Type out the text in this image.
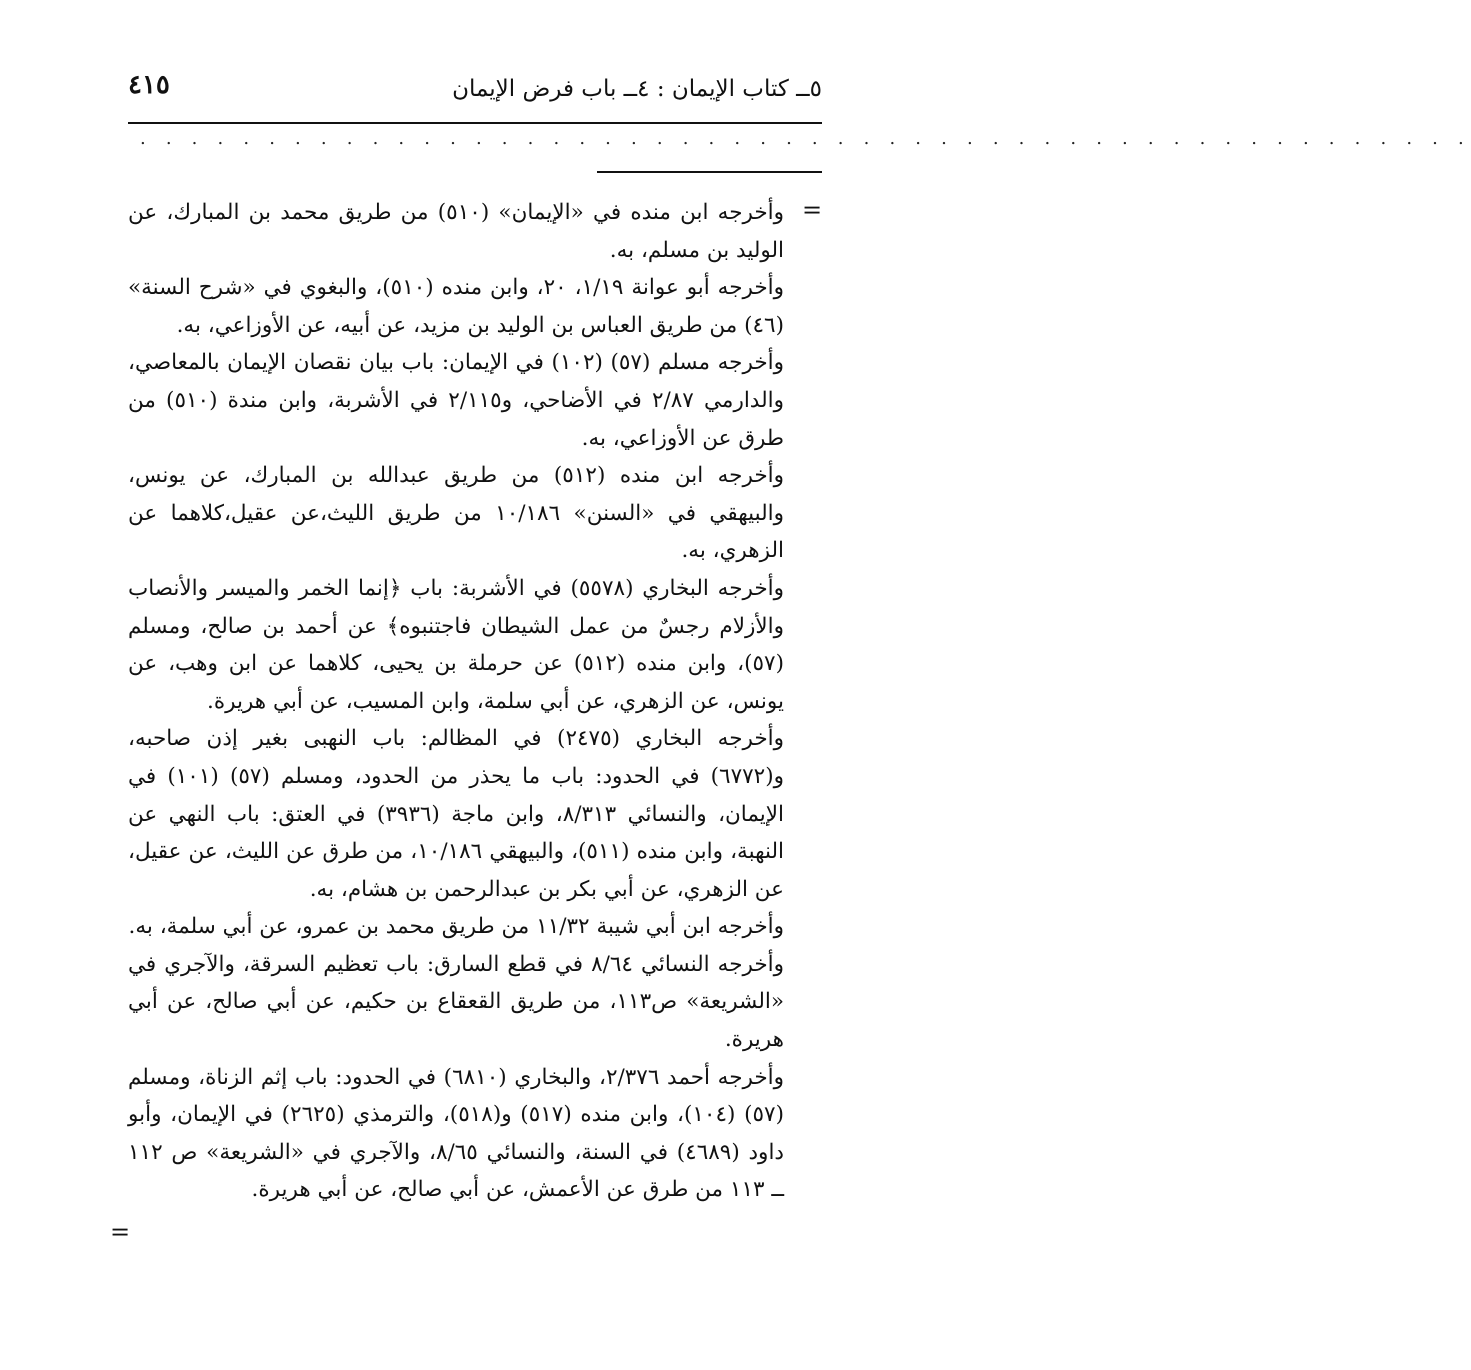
٥ــ كتاب الإيمان : ٤ــ باب فرض الإيمان
٤١٥
. . . . . . . . . . . . . . . . . . . . . . . . . . . . . . . . . . . . . . . . . . . . . . . . . . . .
=

وأخرجه ابن منده في «الإيمان» (٥١٠) من طريق محمد بن المبارك، عن الوليد بن مسلم، به.

وأخرجه أبو عوانة ١/١٩، ٢٠، وابن منده (٥١٠)، والبغوي في «شرح السنة» (٤٦) من طريق العباس بن الوليد بن مزيد، عن أبيه، عن الأوزاعي، به.

وأخرجه مسلم (٥٧) (١٠٢) في الإيمان: باب بيان نقصان الإيمان بالمعاصي، والدارمي ٢/٨٧ في الأضاحي، و٢/١١٥ في الأشربة، وابن مندة (٥١٠) من طرق عن الأوزاعي، به.

وأخرجه ابن منده (٥١٢) من طريق عبدالله بن المبارك، عن يونس، والبيهقي في «السنن» ١٠/١٨٦ من طريق الليث،عن عقيل،كلاهما عن الزهري، به.

وأخرجه البخاري (٥٥٧٨) في الأشربة: باب ﴿إنما الخمر والميسر والأنصاب والأزلام رجسٌ من عمل الشيطان فاجتنبوه﴾ عن أحمد بن صالح، ومسلم (٥٧)، وابن منده (٥١٢) عن حرملة بن يحيى، كلاهما عن ابن وهب، عن يونس، عن الزهري، عن أبي سلمة، وابن المسيب، عن أبي هريرة.

وأخرجه البخاري (٢٤٧٥) في المظالم: باب النهبى بغير إذن صاحبه، و(٦٧٧٢) في الحدود: باب ما يحذر من الحدود، ومسلم (٥٧) (١٠١) في الإيمان، والنسائي ٨/٣١٣، وابن ماجة (٣٩٣٦) في العتق: باب النهي عن النهبة، وابن منده (٥١١)، والبيهقي ١٠/١٨٦، من طرق عن الليث، عن عقيل، عن الزهري، عن أبي بكر بن عبدالرحمن بن هشام، به.

وأخرجه ابن أبي شيبة ١١/٣٢ من طريق محمد بن عمرو، عن أبي سلمة، به.

وأخرجه النسائي ٨/٦٤ في قطع السارق: باب تعظيم السرقة، والآجري في «الشريعة» ص١١٣، من طريق القعقاع بن حكيم، عن أبي صالح، عن أبي هريرة.

وأخرجه أحمد ٢/٣٧٦، والبخاري (٦٨١٠) في الحدود: باب إثم الزناة، ومسلم (٥٧) (١٠٤)، وابن منده (٥١٧) و(٥١٨)، والترمذي (٢٦٢٥) في الإيمان، وأبو داود (٤٦٨٩) في السنة، والنسائي ٨/٦٥، والآجري في «الشريعة» ص ١١٢ ــ ١١٣ من طرق عن الأعمش، عن أبي صالح، عن أبي هريرة.

=
